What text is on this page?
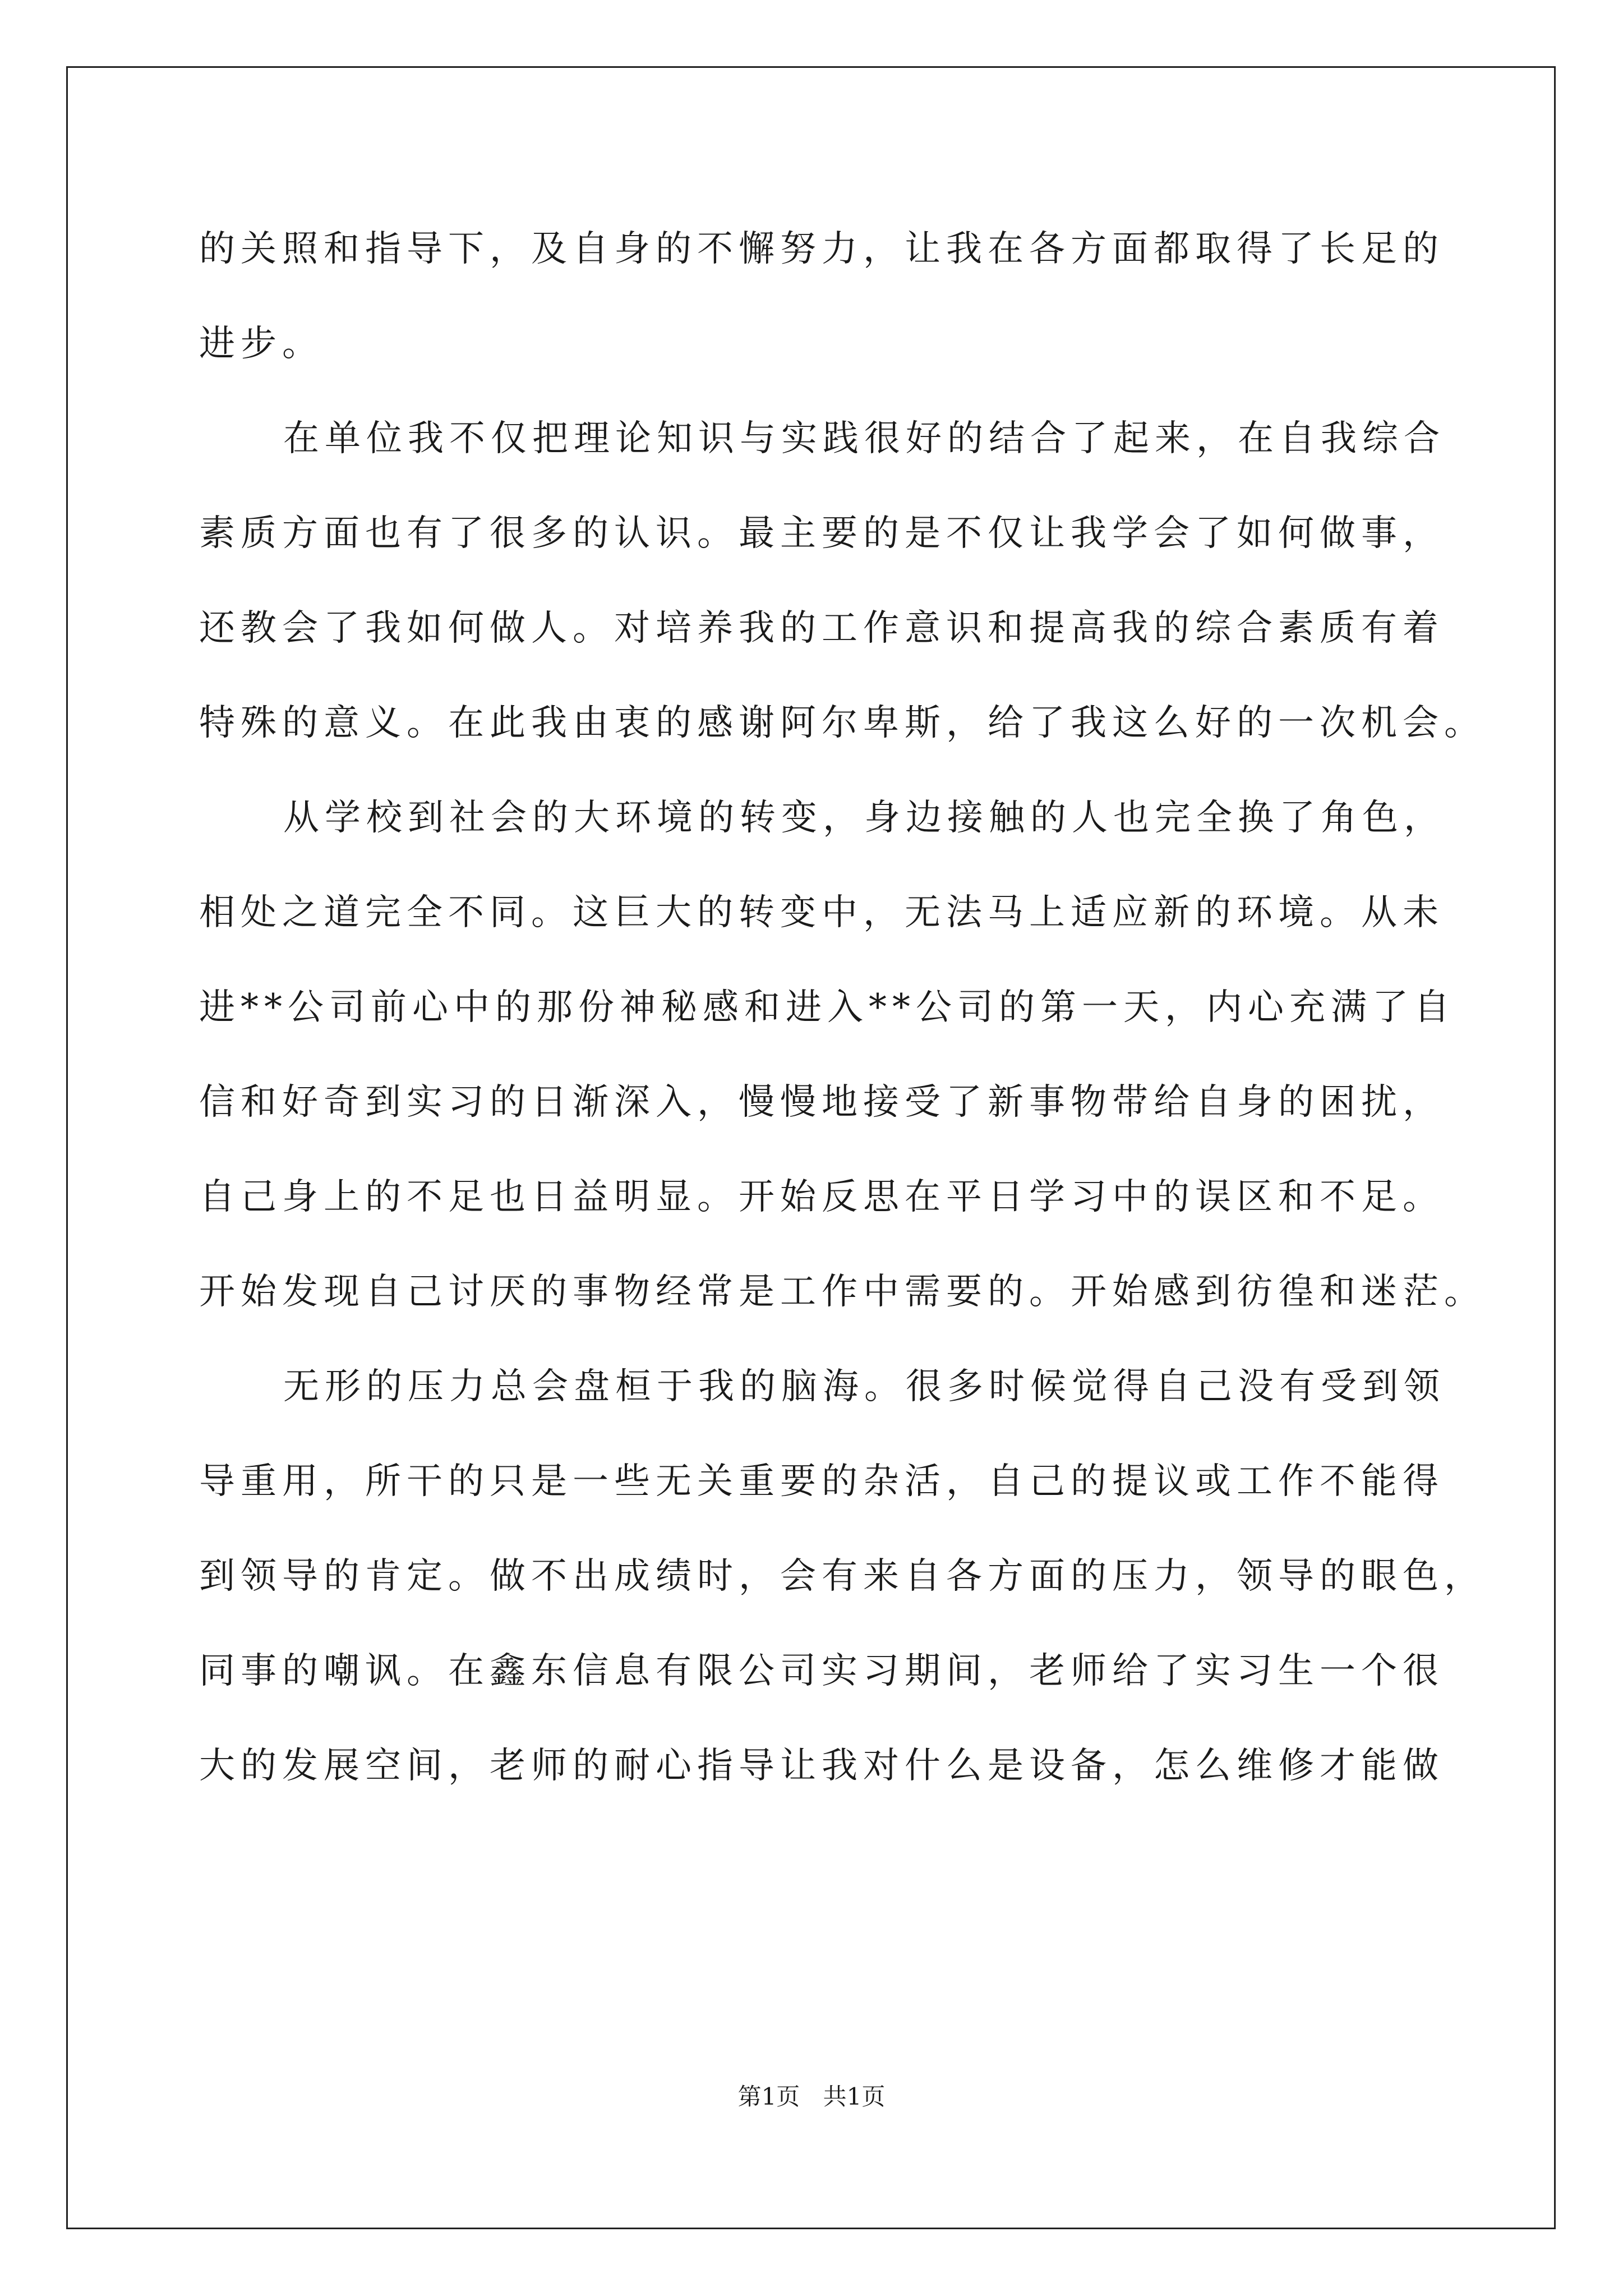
的关照和指导下，及自身的不懈努力，让我在各方面都取得了长足的
进步。
在单位我不仅把理论知识与实践很好的结合了起来，在自我综合
素质方面也有了很多的认识。最主要的是不仅让我学会了如何做事，
还教会了我如何做人。对培养我的工作意识和提高我的综合素质有着
特殊的意义。在此我由衷的感谢阿尔卑斯，给了我这么好的一次机会。
从学校到社会的大环境的转变，身边接触的人也完全换了角色，
相处之道完全不同。这巨大的转变中，无法马上适应新的环境。从未
进**公司前心中的那份神秘感和进入**公司的第一天，内心充满了自
信和好奇到实习的日渐深入，慢慢地接受了新事物带给自身的困扰，
自己身上的不足也日益明显。开始反思在平日学习中的误区和不足。
开始发现自己讨厌的事物经常是工作中需要的。开始感到彷徨和迷茫。
无形的压力总会盘桓于我的脑海。很多时候觉得自己没有受到领
导重用，所干的只是一些无关重要的杂活，自己的提议或工作不能得
到领导的肯定。做不出成绩时，会有来自各方面的压力，领导的眼色，
同事的嘲讽。在鑫东信息有限公司实习期间，老师给了实习生一个很
大的发展空间，老师的耐心指导让我对什么是设备，怎么维修才能做
第1页 共1页
